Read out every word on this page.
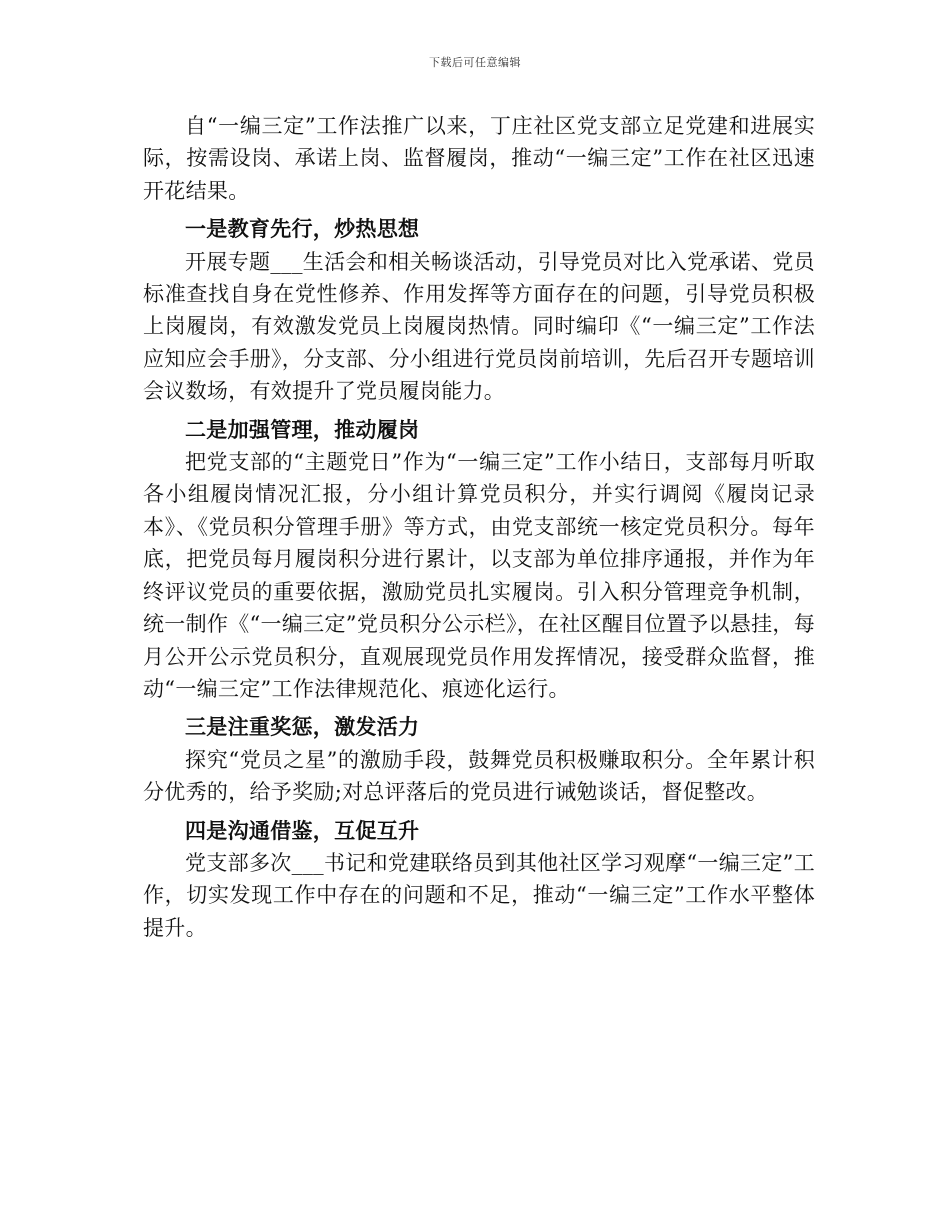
下载后可任意编辑

自“一编三定”工作法推广以来，丁庄社区党支部立足党建和进展实际，按需设岗、承诺上岗、监督履岗，推动“一编三定”工作在社区迅速开花结果。

一是教育先行，炒热思想

开展专题___生活会和相关畅谈活动，引导党员对比入党承诺、党员标准查找自身在党性修养、作用发挥等方面存在的问题，引导党员积极上岗履岗，有效激发党员上岗履岗热情。同时编印《“一编三定”工作法应知应会手册》，分支部、分小组进行党员岗前培训，先后召开专题培训会议数场，有效提升了党员履岗能力。

二是加强管理，推动履岗

把党支部的“主题党日”作为“一编三定”工作小结日，支部每月听取各小组履岗情况汇报，分小组计算党员积分，并实行调阅《履岗记录本》、《党员积分管理手册》等方式，由党支部统一核定党员积分。每年底，把党员每月履岗积分进行累计，以支部为单位排序通报，并作为年终评议党员的重要依据，激励党员扎实履岗。引入积分管理竞争机制，统一制作《“一编三定”党员积分公示栏》，在社区醒目位置予以悬挂，每月公开公示党员积分，直观展现党员作用发挥情况，接受群众监督，推动“一编三定”工作法律规范化、痕迹化运行。

三是注重奖惩，激发活力

探究“党员之星”的激励手段，鼓舞党员积极赚取积分。全年累计积分优秀的，给予奖励;对总评落后的党员进行诫勉谈话，督促整改。

四是沟通借鉴，互促互升

党支部多次___书记和党建联络员到其他社区学习观摩“一编三定”工作，切实发现工作中存在的问题和不足，推动“一编三定”工作水平整体提升。
